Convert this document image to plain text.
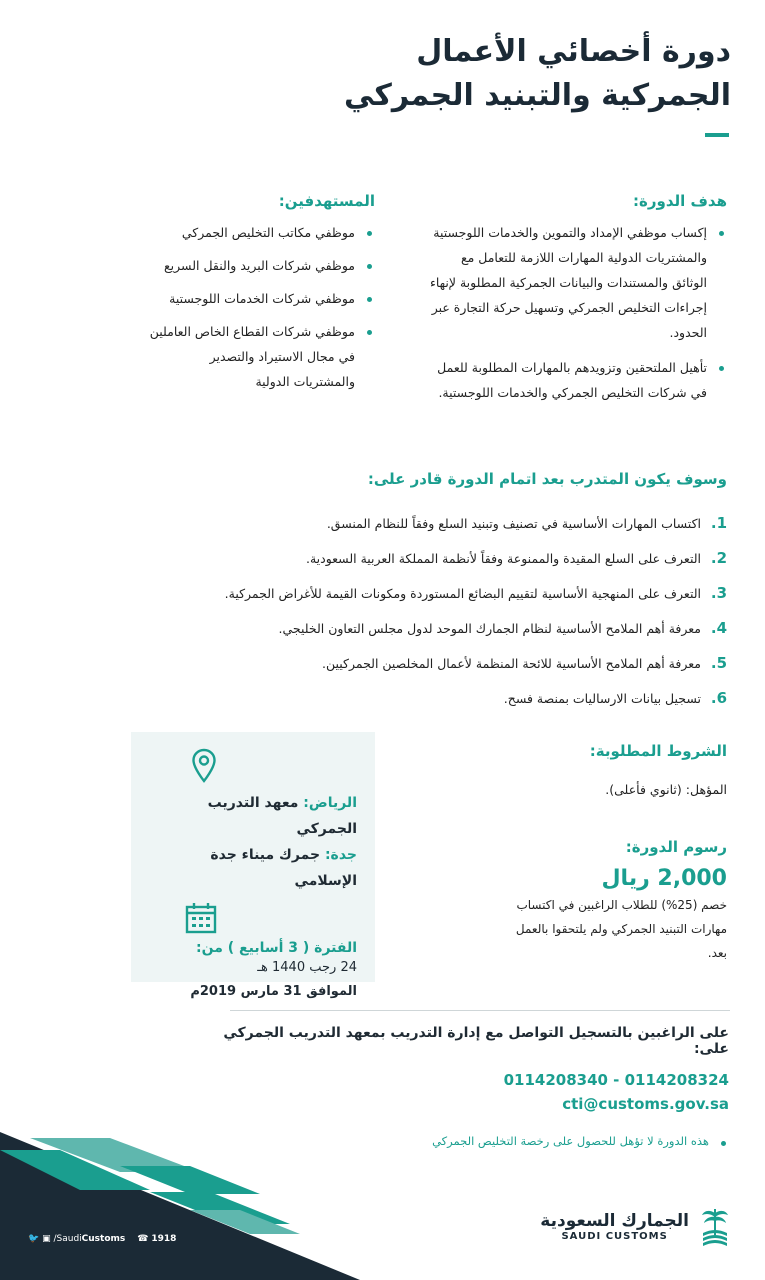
دورة أخصائي الأعمال
الجمركية والتبنيد الجمركي
هدف الدورة:
إكساب موظفي الإمداد والتموين والخدمات اللوجستية والمشتريات الدولية المهارات اللازمة للتعامل مع الوثائق والمستندات والبيانات الجمركية المطلوبة لإنهاء إجراءات التخليص الجمركي وتسهيل حركة التجارة عبر الحدود.
تأهيل الملتحقين وتزويدهم بالمهارات المطلوبة للعمل في شركات التخليص الجمركي والخدمات اللوجستية.
المستهدفين:
موظفي مكاتب التخليص الجمركي
موظفي شركات البريد والنقل السريع
موظفي شركات الخدمات اللوجستية
موظفي شركات القطاع الخاص العاملين في مجال الاستيراد والتصدير والمشتريات الدولية
وسوف يكون المتدرب بعد اتمام الدورة قادر على:
1.
اكتساب المهارات الأساسية في تصنيف وتبنيد السلع وفقاً للنظام المنسق.
2.
التعرف على السلع المقيدة والممنوعة وفقاً لأنظمة المملكة العربية السعودية.
3.
التعرف على المنهجية الأساسية لتقييم البضائع المستوردة ومكونات القيمة للأغراض الجمركية.
4.
معرفة أهم الملامح الأساسية لنظام الجمارك الموحد لدول مجلس التعاون الخليجي.
5.
معرفة أهم الملامح الأساسية للائحة المنظمة لأعمال المخلصين الجمركيين.
6.
تسجيل بيانات الارساليات بمنصة فسح.
الرياض: معهد التدريب الجمركي
جدة: جمرك ميناء جدة الإسلامي
الفترة ( 3 أسابيع ) من:
24 رجب 1440 هـ
الموافق 31 مارس 2019م
الشروط المطلوبة:
المؤهل: (ثانوي فأعلى).
رسوم الدورة:
2,000 ريال
خصم (25%) للطلاب الراغبين في اكتساب مهارات التبنيد الجمركي ولم يلتحقوا بالعمل بعد.
على الراغبين بالتسجيل التواصل مع إدارة التدريب بمعهد التدريب الجمركي على:
0114208340 - 0114208324
cti@customs.gov.sa
هذه الدورة لا تؤهل للحصول على رخصة التخليص الجمركي
🐦 ▣ /SaudiCustoms ☎ 1918
الجمارك السعودية
SAUDI CUSTOMS
